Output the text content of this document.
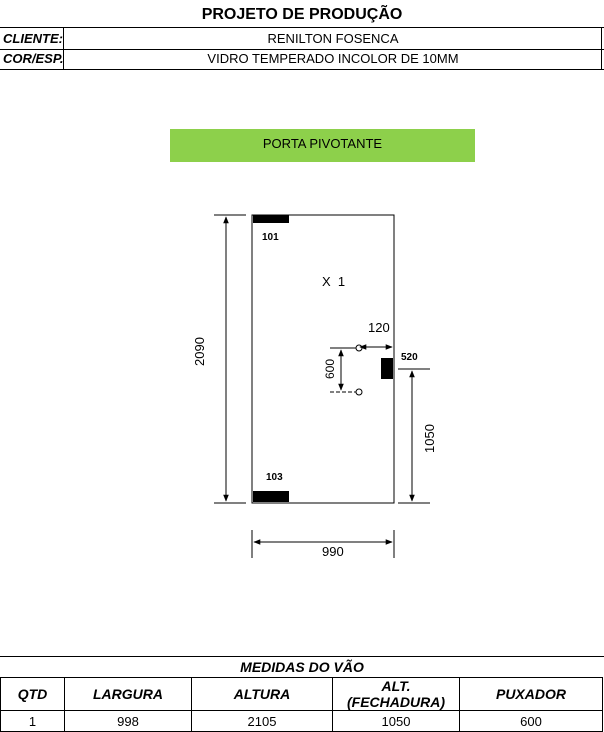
PROJETO DE PRODUÇÃO
CLIENTE:	RENILTON FOSENCA
COR/ESP.	VIDRO TEMPERADO INCOLOR DE 10MM
PORTA PIVOTANTE
101
103
520
X  1
2090
990
1050
120
600
MEDIDAS DO VÃO
QTD	LARGURA	ALTURA	ALT. (FECHADURA)	PUXADOR
1	998	2105	1050	600
